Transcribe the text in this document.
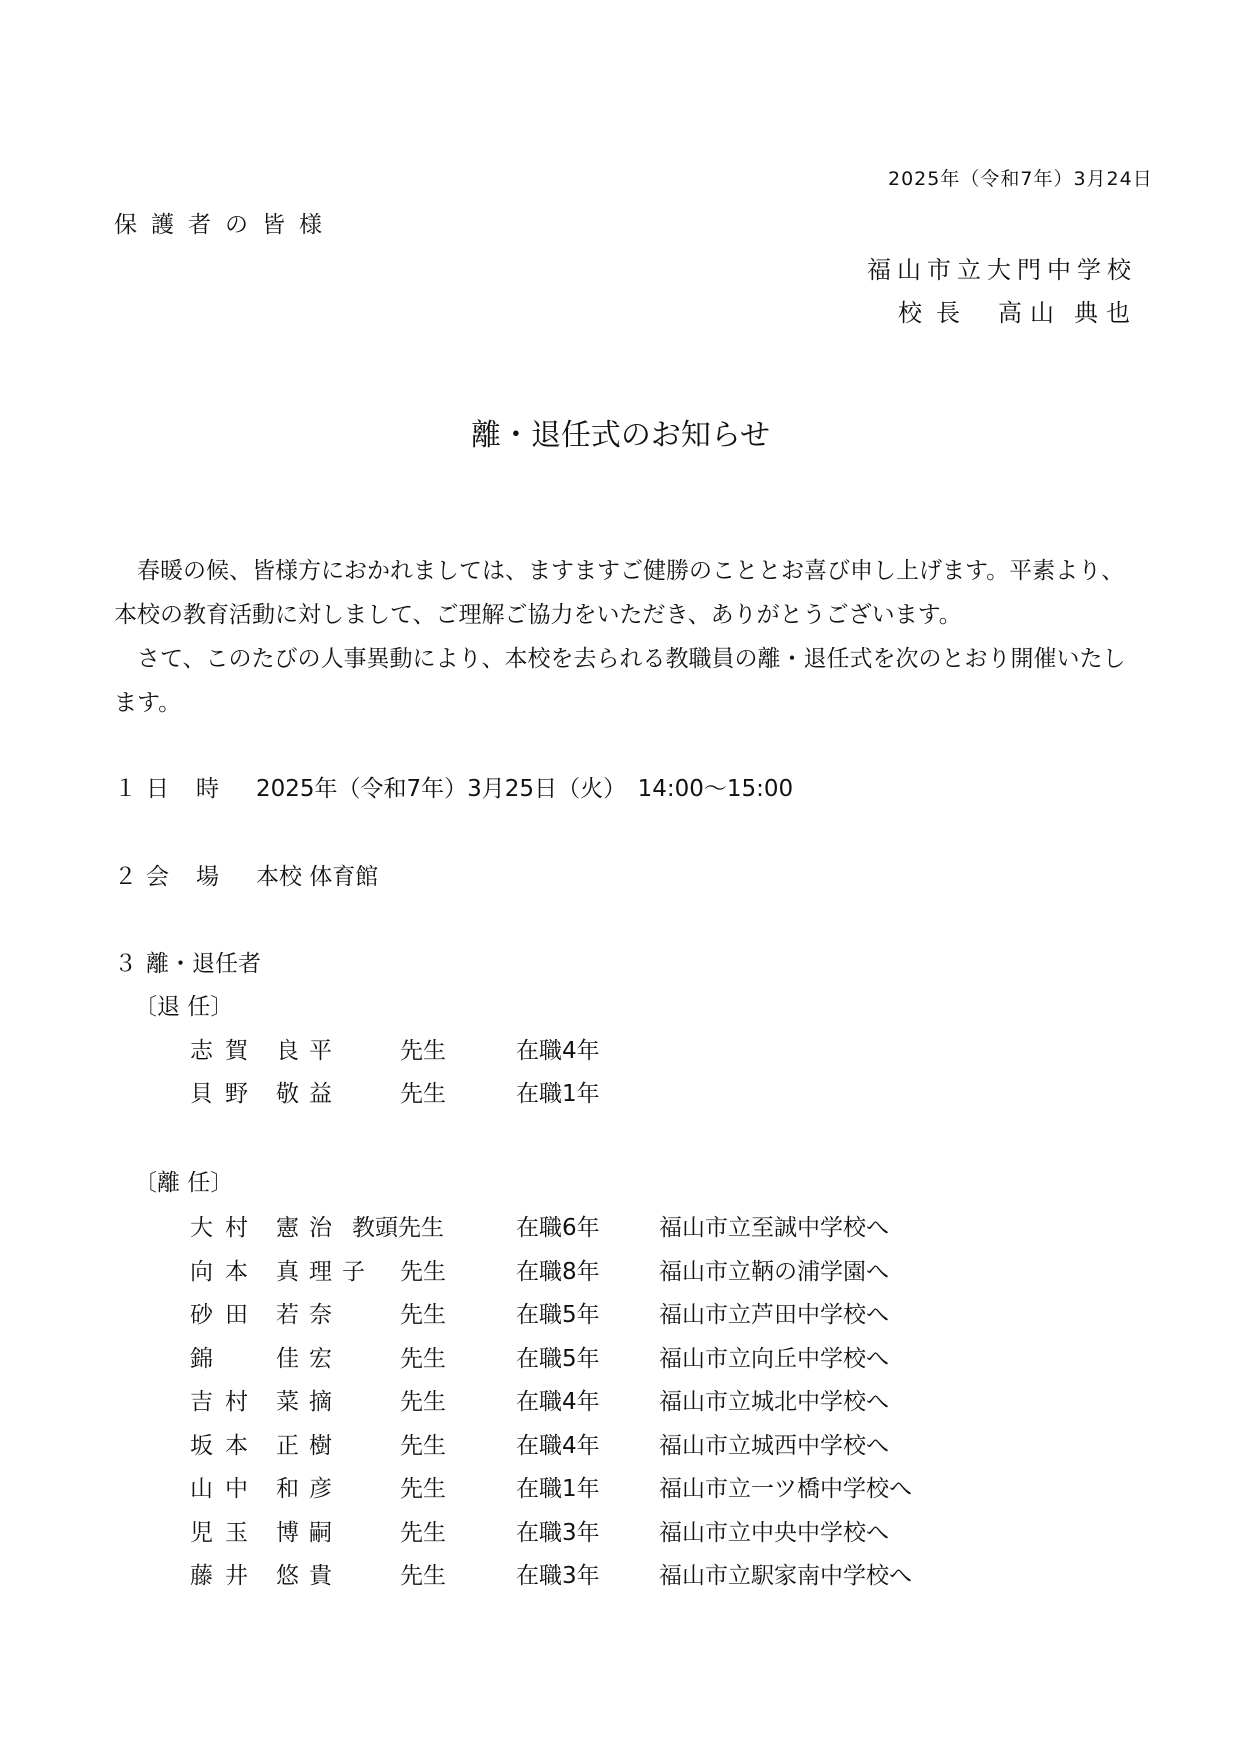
2025年（令和7年）3月24日
保護者の皆様
福山市立大門中学校
校長 高山 典也
離・退任式のお知らせ

　春暖の候、皆様方におかれましては、ますますご健勝のこととお喜び申し上げます。平素より、本校の教育活動に対しまして、ご理解ご協力をいただき、ありがとうございます。

　さて、このたびの人事異動により、本校を去られる教職員の離・退任式を次のとおり開催いたします。

１ 日　時 2025年（令和7年）3月25日（火）　14:00～15:00
２ 会　場 本校 体育館
３ 離・退任者
〔退 任〕
志賀 良平	先生	在職4年
貝野 敬益	先生	在職1年
〔離 任〕
大村 憲治 教頭先生	在職6年	福山市立至誠中学校へ
向本 真理子 先生	在職8年	福山市立鞆の浦学園へ
砂田 若奈	先生	在職5年	福山市立芦田中学校へ
錦 佳宏	先生	在職5年	福山市立向丘中学校へ
吉村 菜摘	先生	在職4年	福山市立城北中学校へ
坂本 正樹	先生	在職4年	福山市立城西中学校へ
山中 和彦	先生	在職1年	福山市立一ツ橋中学校へ
児玉 博嗣	先生	在職3年	福山市立中央中学校へ
藤井 悠貴	先生	在職3年	福山市立駅家南中学校へ
